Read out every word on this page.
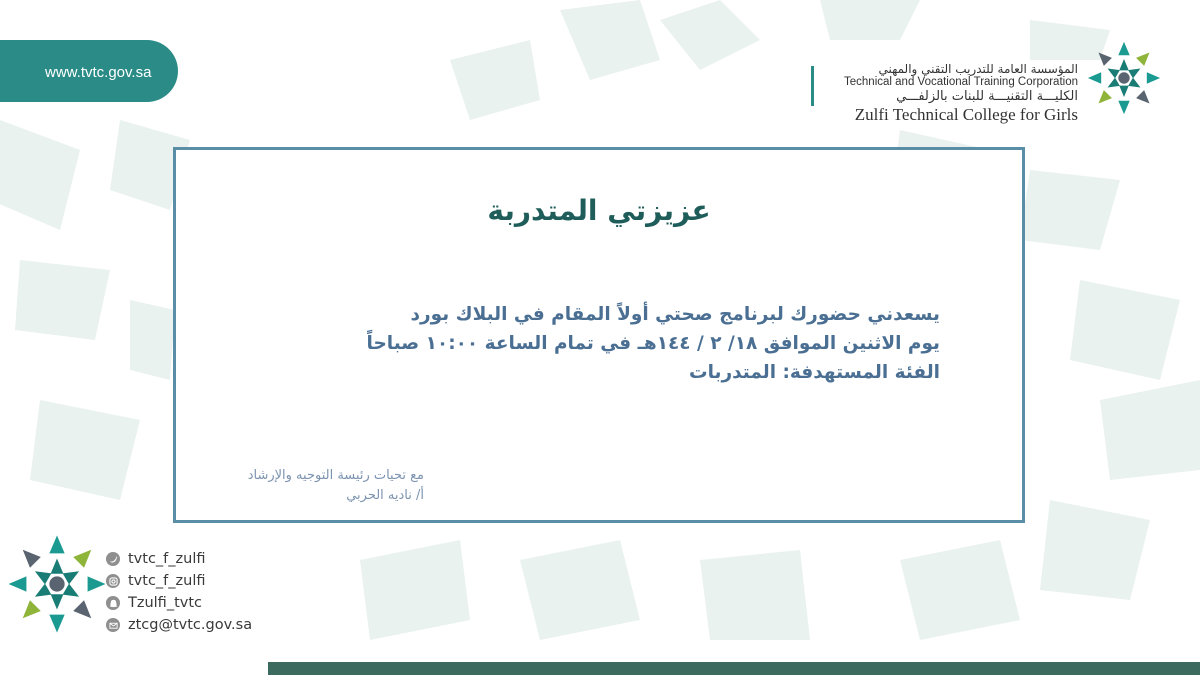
www.tvtc.gov.sa	المؤسسة العامة للتدريب التقني والمهني
Technical and Vocational Training Corporation
الكليـــة التقنيـــة للبنات بالزلفـــي
Zulfi Technical College for Girls
عزيزتي المتدربة
يسعدني حضورك لبرنامج صحتي أولاً المقام في البلاك بورد
يوم الاثنين الموافق ١٨/ ٢ / ١٤٤هـ في تمام الساعة ١٠:٠٠ صباحاً
الفئة المستهدفة: المتدربات
مع تحيات رئيسة التوجيه والإرشاد
أ/ ناديه الحربي
tvtc_f_zulfi
tvtc_f_zulfi
Tzulfi_tvtc
ztcg@tvtc.gov.sa
